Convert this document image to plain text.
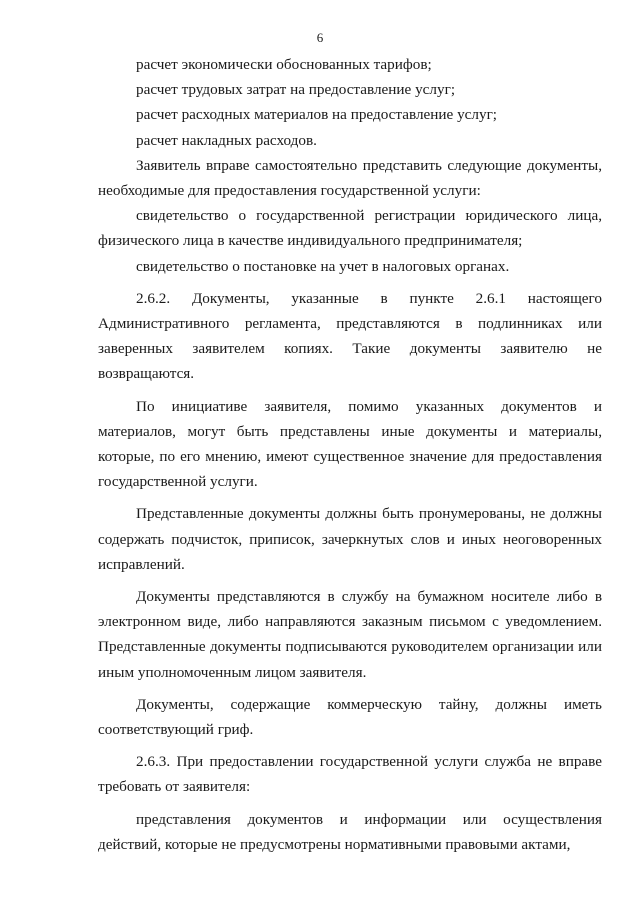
6

расчет экономически обоснованных тарифов;

расчет трудовых затрат на предоставление услуг;

расчет расходных материалов на предоставление услуг;

расчет накладных расходов.

Заявитель вправе самостоятельно представить следующие документы, необходимые для предоставления государственной услуги:

свидетельство о государственной регистрации юридического лица, физического лица в качестве индивидуального предпринимателя;

свидетельство о постановке на учет в налоговых органах.

2.6.2. Документы, указанные в пункте 2.6.1 настоящего Административного регламента, представляются в подлинниках или заверенных заявителем копиях. Такие документы заявителю не возвращаются.

По инициативе заявителя, помимо указанных документов и материалов, могут быть представлены иные документы и материалы, которые, по его мнению, имеют существенное значение для предоставления государственной услуги.

Представленные документы должны быть пронумерованы, не должны содержать подчисток, приписок, зачеркнутых слов и иных неоговоренных исправлений.

Документы представляются в службу на бумажном носителе либо в электронном виде, либо направляются заказным письмом с уведомлением. Представленные документы подписываются руководителем организации или иным уполномоченным лицом заявителя.

Документы, содержащие коммерческую тайну, должны иметь соответствующий гриф.

2.6.3. При предоставлении государственной услуги служба не вправе требовать от заявителя:

представления документов и информации или осуществления действий, которые не предусмотрены нормативными правовыми актами,
